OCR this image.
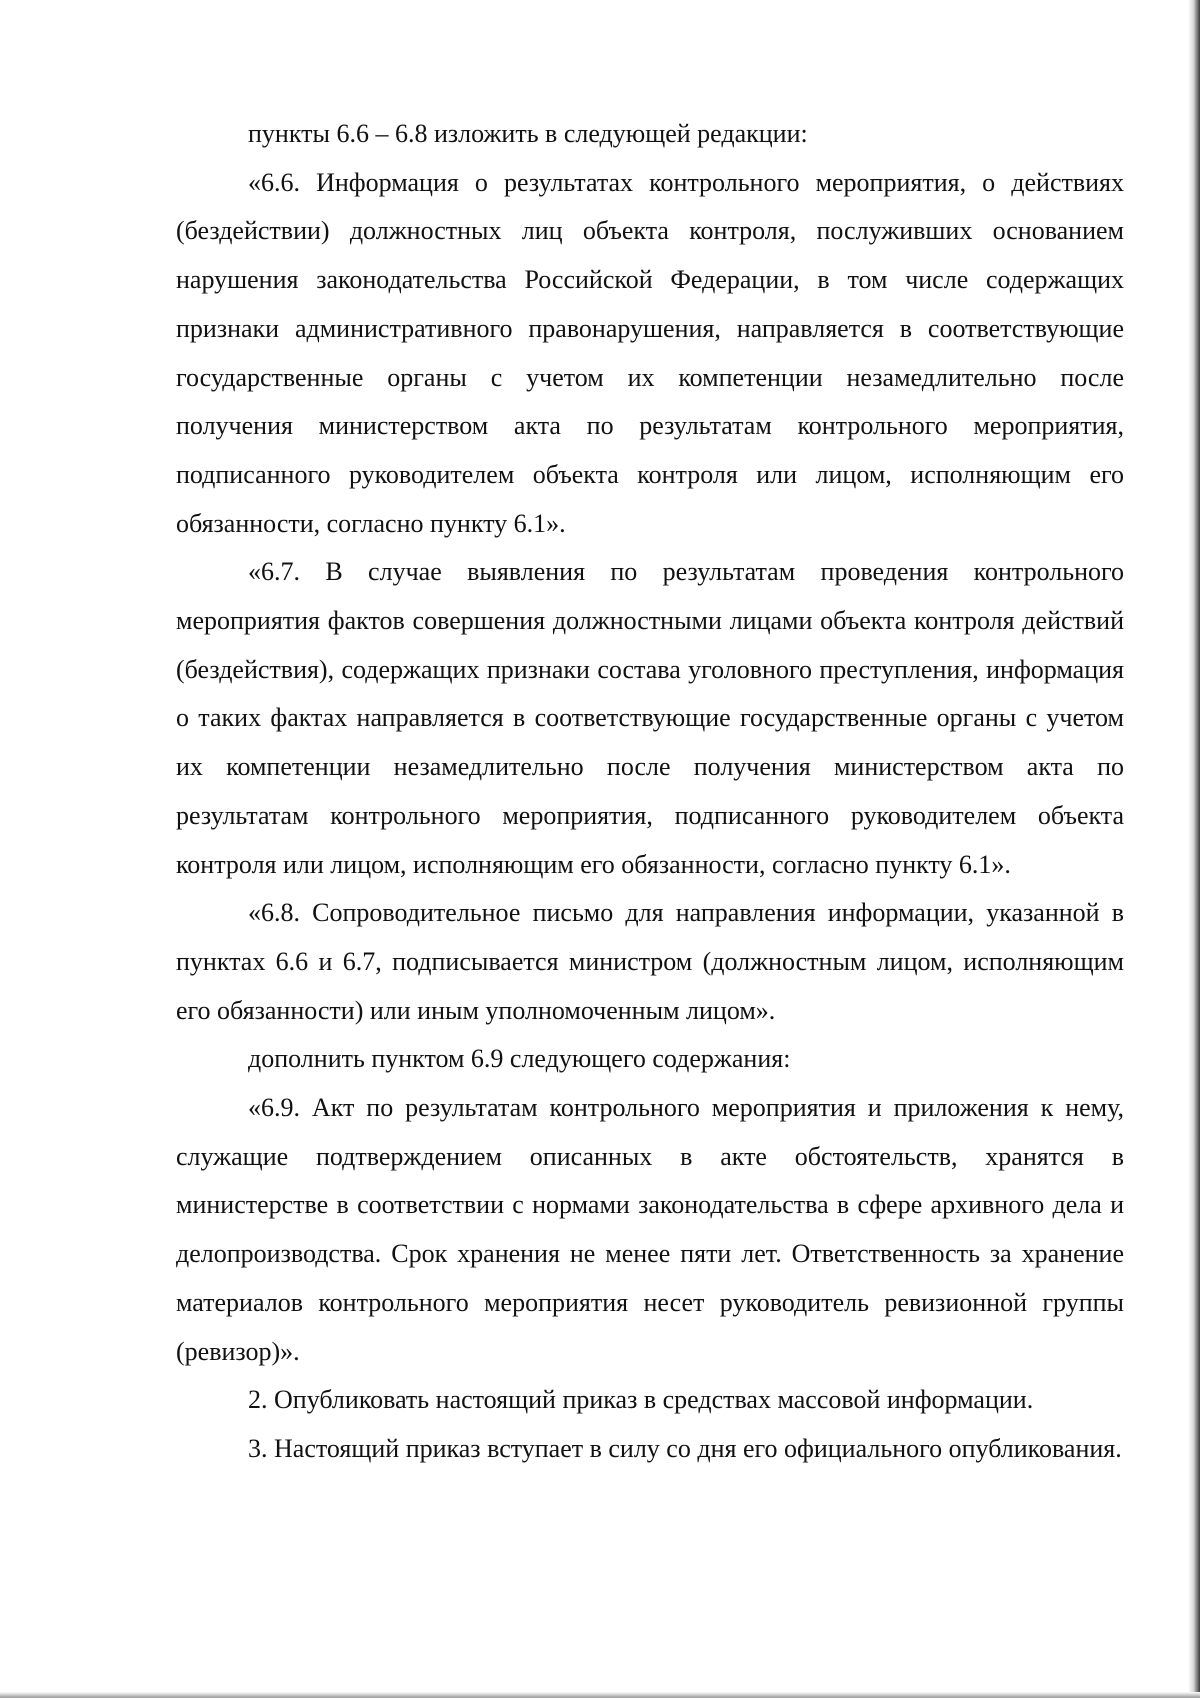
пункты 6.6 – 6.8 изложить в следующей редакции:

«6.6. Информация о результатах контрольного мероприятия, о действиях (бездействии) должностных лиц объекта контроля, послуживших основанием нарушения законодательства Российской Федерации, в том числе содержащих признаки административного правонарушения, направляется в соответствующие государственные органы с учетом их компетенции незамедлительно после получения министерством акта по результатам контрольного мероприятия, подписанного руководителем объекта контроля или лицом, исполняющим его обязанности, согласно пункту 6.1».

«6.7. В случае выявления по результатам проведения контрольного мероприятия фактов совершения должностными лицами объекта контроля действий (бездействия), содержащих признаки состава уголовного преступления, информация о таких фактах направляется в соответствующие государственные органы с учетом их компетенции незамедлительно после получения министерством акта по результатам контрольного мероприятия, подписанного руководителем объекта контроля или лицом, исполняющим его обязанности, согласно пункту 6.1».

«6.8. Сопроводительное письмо для направления информации, указанной в пунктах 6.6 и 6.7, подписывается министром (должностным лицом, исполняющим его обязанности) или иным уполномоченным лицом».

дополнить пунктом 6.9 следующего содержания:

«6.9. Акт по результатам контрольного мероприятия и приложения к нему, служащие подтверждением описанных в акте обстоятельств, хранятся в министерстве в соответствии с нормами законодательства в сфере архивного дела и делопроизводства. Срок хранения не менее пяти лет. Ответственность за хранение материалов контрольного мероприятия несет руководитель ревизионной группы (ревизор)».

2. Опубликовать настоящий приказ в средствах массовой информации.

3. Настоящий приказ вступает в силу со дня его официального опубликования.
